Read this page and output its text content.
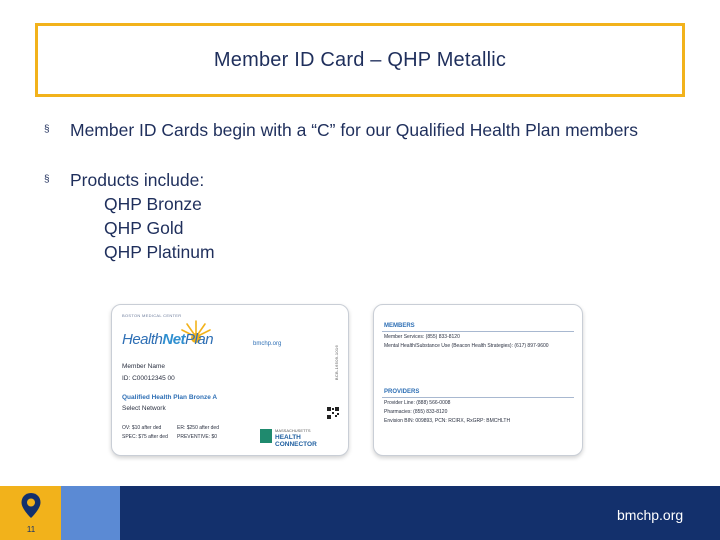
Member ID Card – QHP Metallic
§	Member ID Cards begin with a “C” for our Qualified Health Plan members
§	Products include:
QHP Bronze
QHP Gold
QHP Platinum
BOSTON MEDICAL CENTER
HealthNetPlan	bmchp.org
BCB-16509-1016
Member Name
ID: C00012345 00
Qualified Health Plan Bronze A
Select Network
OV: $10 after ded	ER: $250 after ded
SPEC: $75 after ded PREVENTIVE: $0
MASSACHUSETTS
HEALTH
CONNECTOR
MEMBERS
Member Services: (855) 833-8120
Mental Health/Substance Use (Beacon Health Strategies): (617) 897-9600
PROVIDERS
Provider Line: (888) 566-0008
Pharmacies: (855) 833-8120
Envision BIN: 009893, PCN: RCIRX, RxGRP: BMCHLTH
11
bmchp.org
